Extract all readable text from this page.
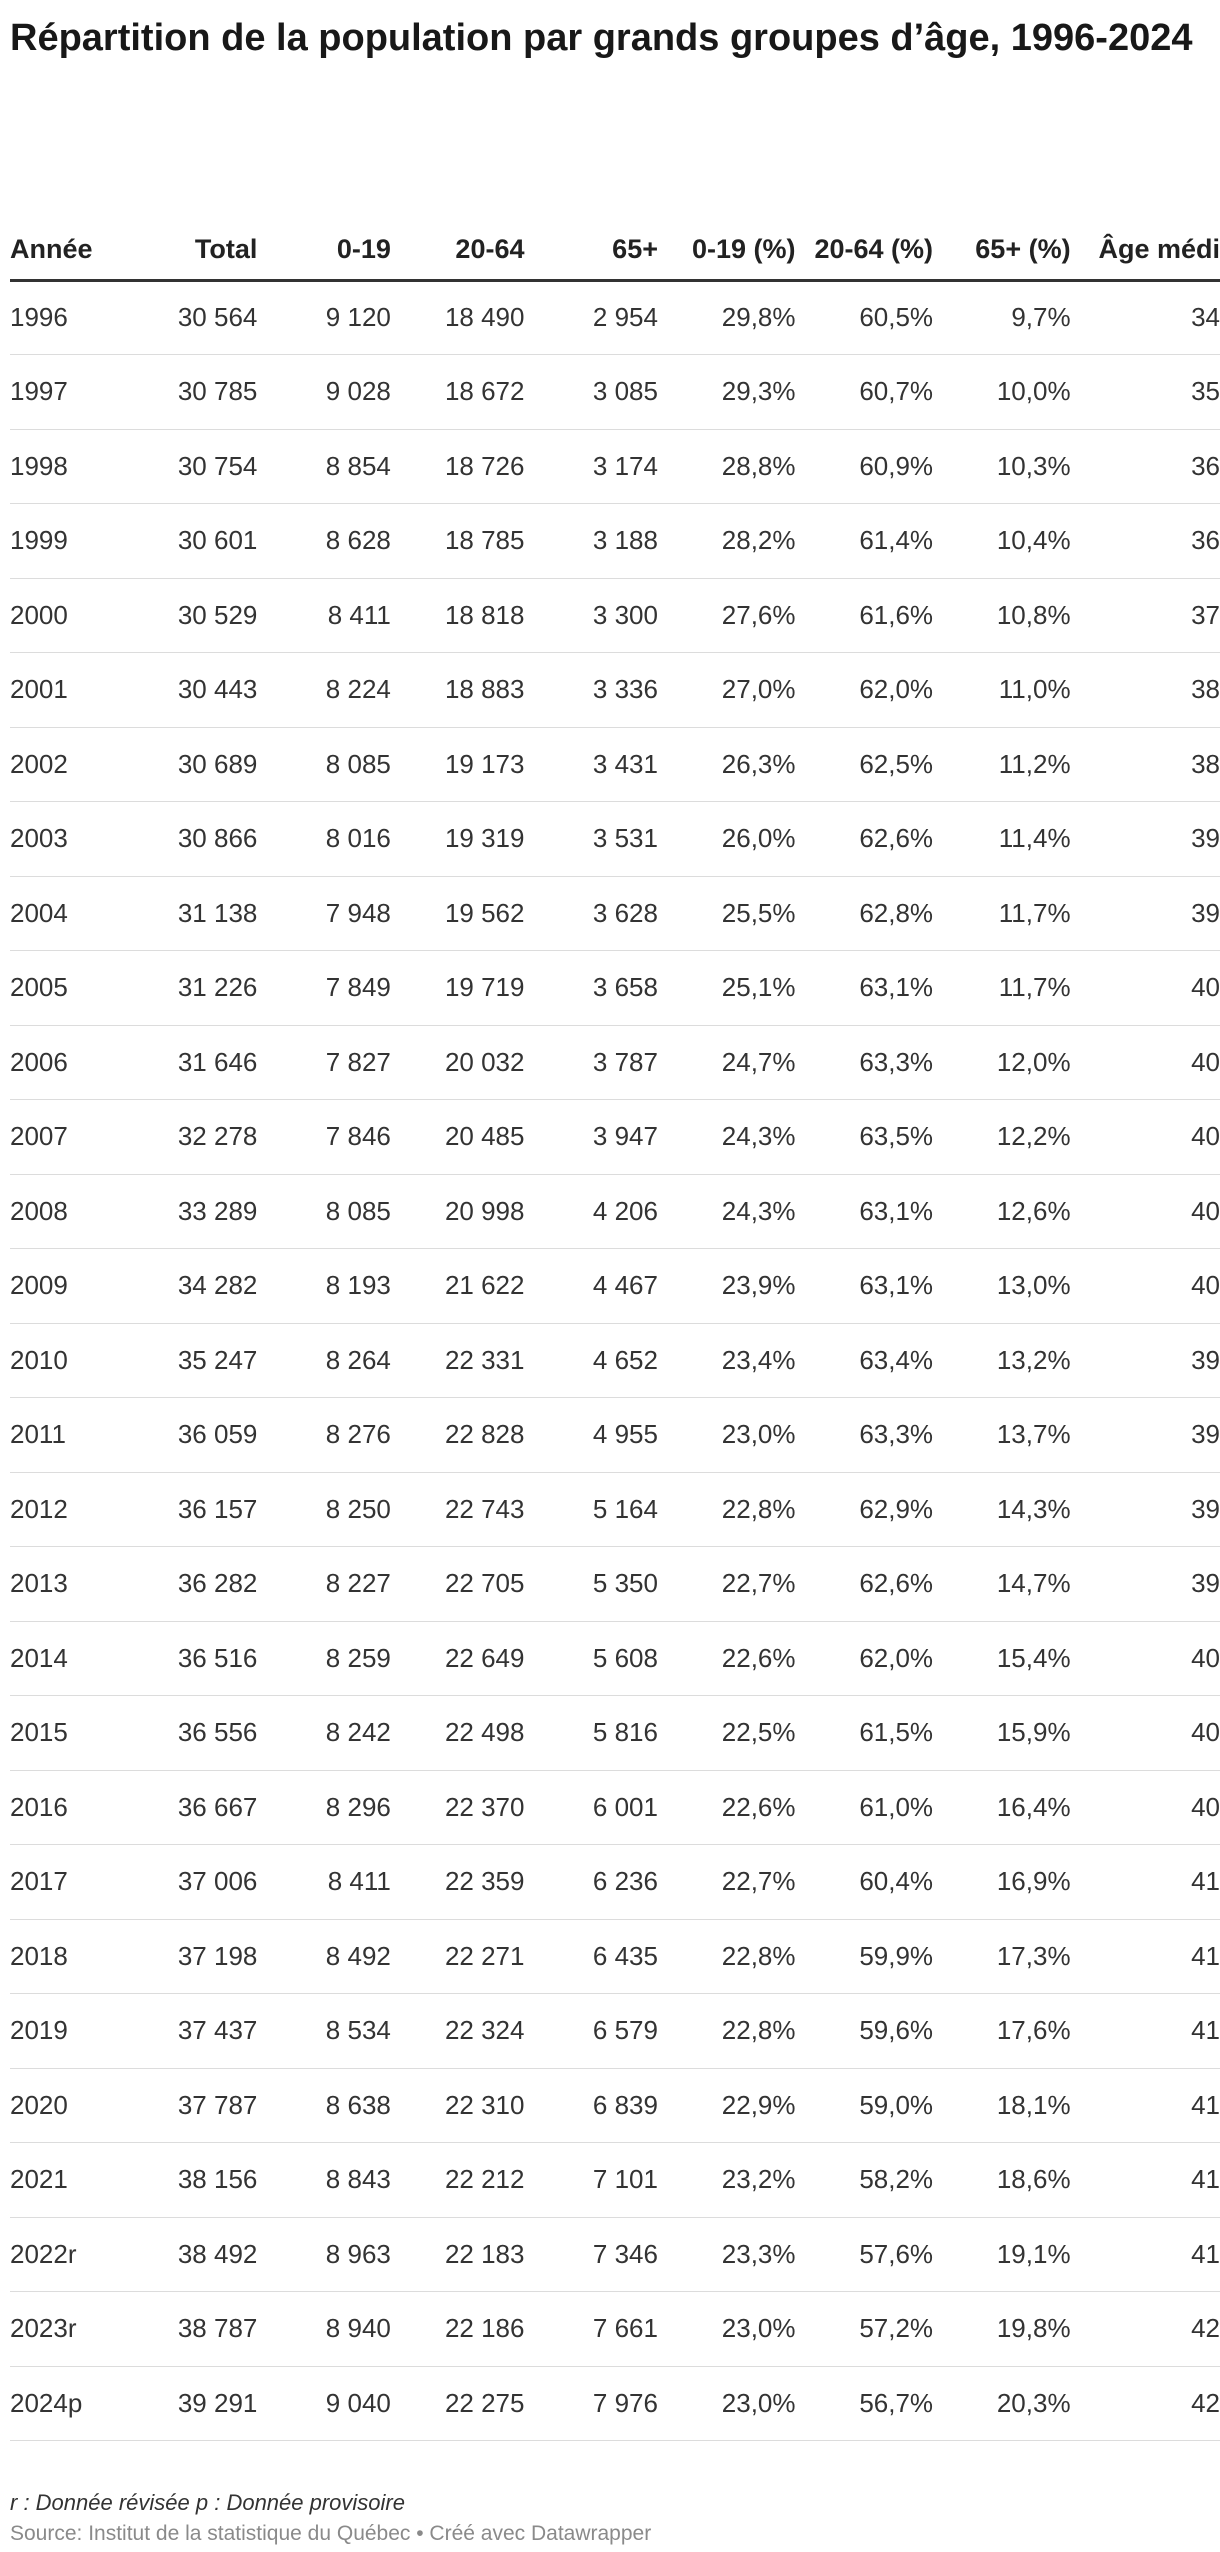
Répartition de la population par grands groupes d’âge, 1996-2024
Année	Total	0-19	20-64	65+	0-19 (%)	20-64 (%)	65+ (%)	Âge médi
1996	30 564	9 120	18 490	2 954	29,8%	60,5%	9,7%	34
1997	30 785	9 028	18 672	3 085	29,3%	60,7%	10,0%	35
1998	30 754	8 854	18 726	3 174	28,8%	60,9%	10,3%	36
1999	30 601	8 628	18 785	3 188	28,2%	61,4%	10,4%	36
2000	30 529	8 411	18 818	3 300	27,6%	61,6%	10,8%	37
2001	30 443	8 224	18 883	3 336	27,0%	62,0%	11,0%	38
2002	30 689	8 085	19 173	3 431	26,3%	62,5%	11,2%	38
2003	30 866	8 016	19 319	3 531	26,0%	62,6%	11,4%	39
2004	31 138	7 948	19 562	3 628	25,5%	62,8%	11,7%	39
2005	31 226	7 849	19 719	3 658	25,1%	63,1%	11,7%	40
2006	31 646	7 827	20 032	3 787	24,7%	63,3%	12,0%	40
2007	32 278	7 846	20 485	3 947	24,3%	63,5%	12,2%	40
2008	33 289	8 085	20 998	4 206	24,3%	63,1%	12,6%	40
2009	34 282	8 193	21 622	4 467	23,9%	63,1%	13,0%	40
2010	35 247	8 264	22 331	4 652	23,4%	63,4%	13,2%	39
2011	36 059	8 276	22 828	4 955	23,0%	63,3%	13,7%	39
2012	36 157	8 250	22 743	5 164	22,8%	62,9%	14,3%	39
2013	36 282	8 227	22 705	5 350	22,7%	62,6%	14,7%	39
2014	36 516	8 259	22 649	5 608	22,6%	62,0%	15,4%	40
2015	36 556	8 242	22 498	5 816	22,5%	61,5%	15,9%	40
2016	36 667	8 296	22 370	6 001	22,6%	61,0%	16,4%	40
2017	37 006	8 411	22 359	6 236	22,7%	60,4%	16,9%	41
2018	37 198	8 492	22 271	6 435	22,8%	59,9%	17,3%	41
2019	37 437	8 534	22 324	6 579	22,8%	59,6%	17,6%	41
2020	37 787	8 638	22 310	6 839	22,9%	59,0%	18,1%	41
2021	38 156	8 843	22 212	7 101	23,2%	58,2%	18,6%	41
2022r	38 492	8 963	22 183	7 346	23,3%	57,6%	19,1%	41
2023r	38 787	8 940	22 186	7 661	23,0%	57,2%	19,8%	42
2024p	39 291	9 040	22 275	7 976	23,0%	56,7%	20,3%	42
r : Donnée révisée p : Donnée provisoire
Source: Institut de la statistique du Québec • Créé avec Datawrapper
